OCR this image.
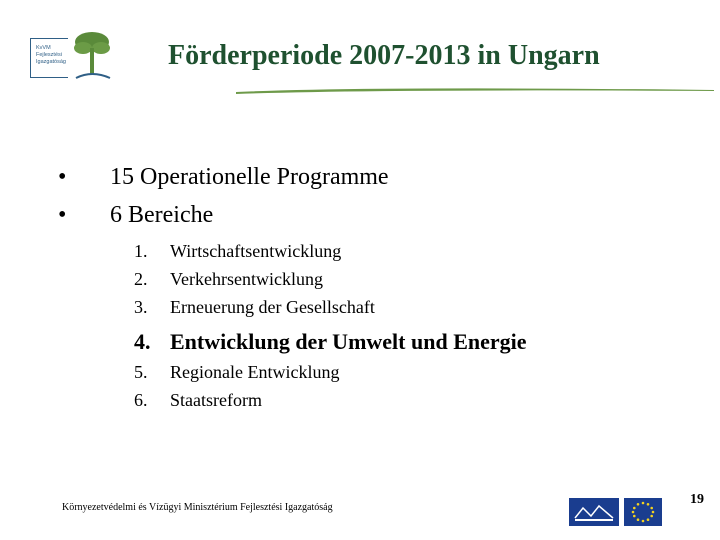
KvVM
Fejlesztési
Igazgatóság	Förderperiode 2007-2013 in Ungarn
• 15 Operationelle Programme
• 6 Bereiche
1.	Wirtschaftsentwicklung
2.	Verkehrsentwicklung
3.	Erneuerung der Gesellschaft
4. Entwicklung der Umwelt und Energie
5.	Regionale Entwicklung
6.	Staatsreform
Környezetvédelmi és Vízügyi Minisztérium Fejlesztési Igazgatóság
19
